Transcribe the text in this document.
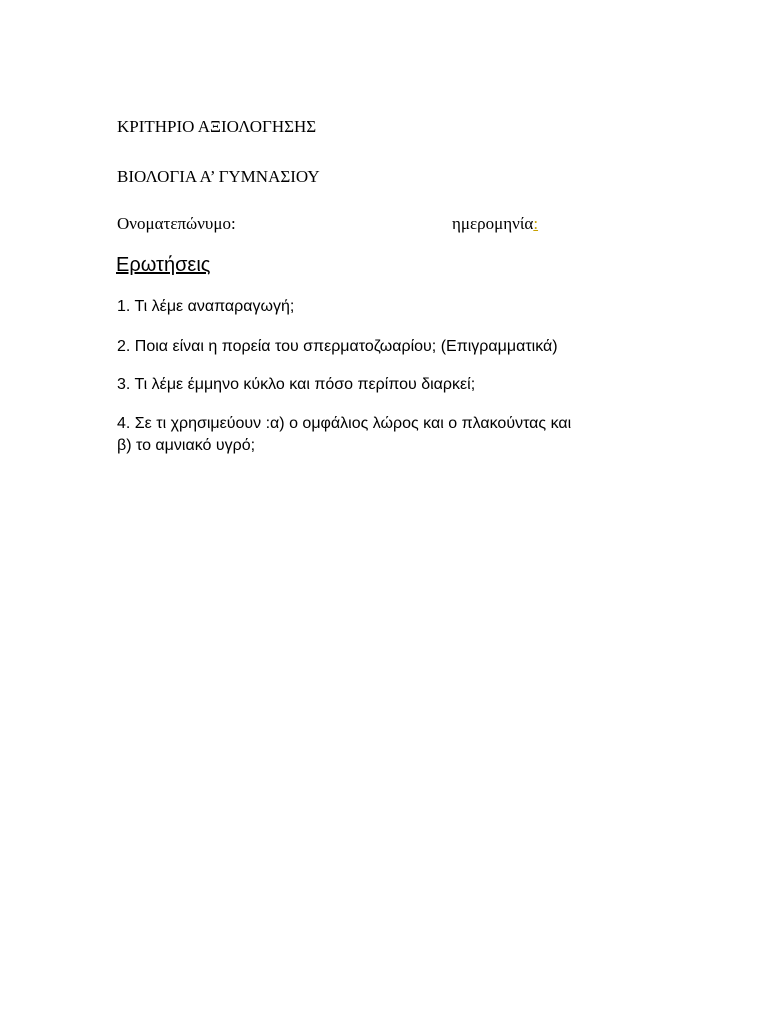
ΚΡΙΤΗΡΙΟ ΑΞΙΟΛΟΓΗΣΗΣ
ΒΙΟΛΟΓΙΑ Α’ ΓΥΜΝΑΣΙΟΥ
Ονοματεπώνυμο:	ημερομηνία:
Ερωτήσεις
1. Τι λέμε αναπαραγωγή;
2. Ποια είναι η πορεία του σπερματοζωαρίου; (Επιγραμματικά)
3. Τι λέμε έμμηνο κύκλο και πόσο περίπου διαρκεί;
4. Σε τι χρησιμεύουν :α) ο ομφάλιος λώρος και ο πλακούντας και
β) το αμνιακό υγρό;
